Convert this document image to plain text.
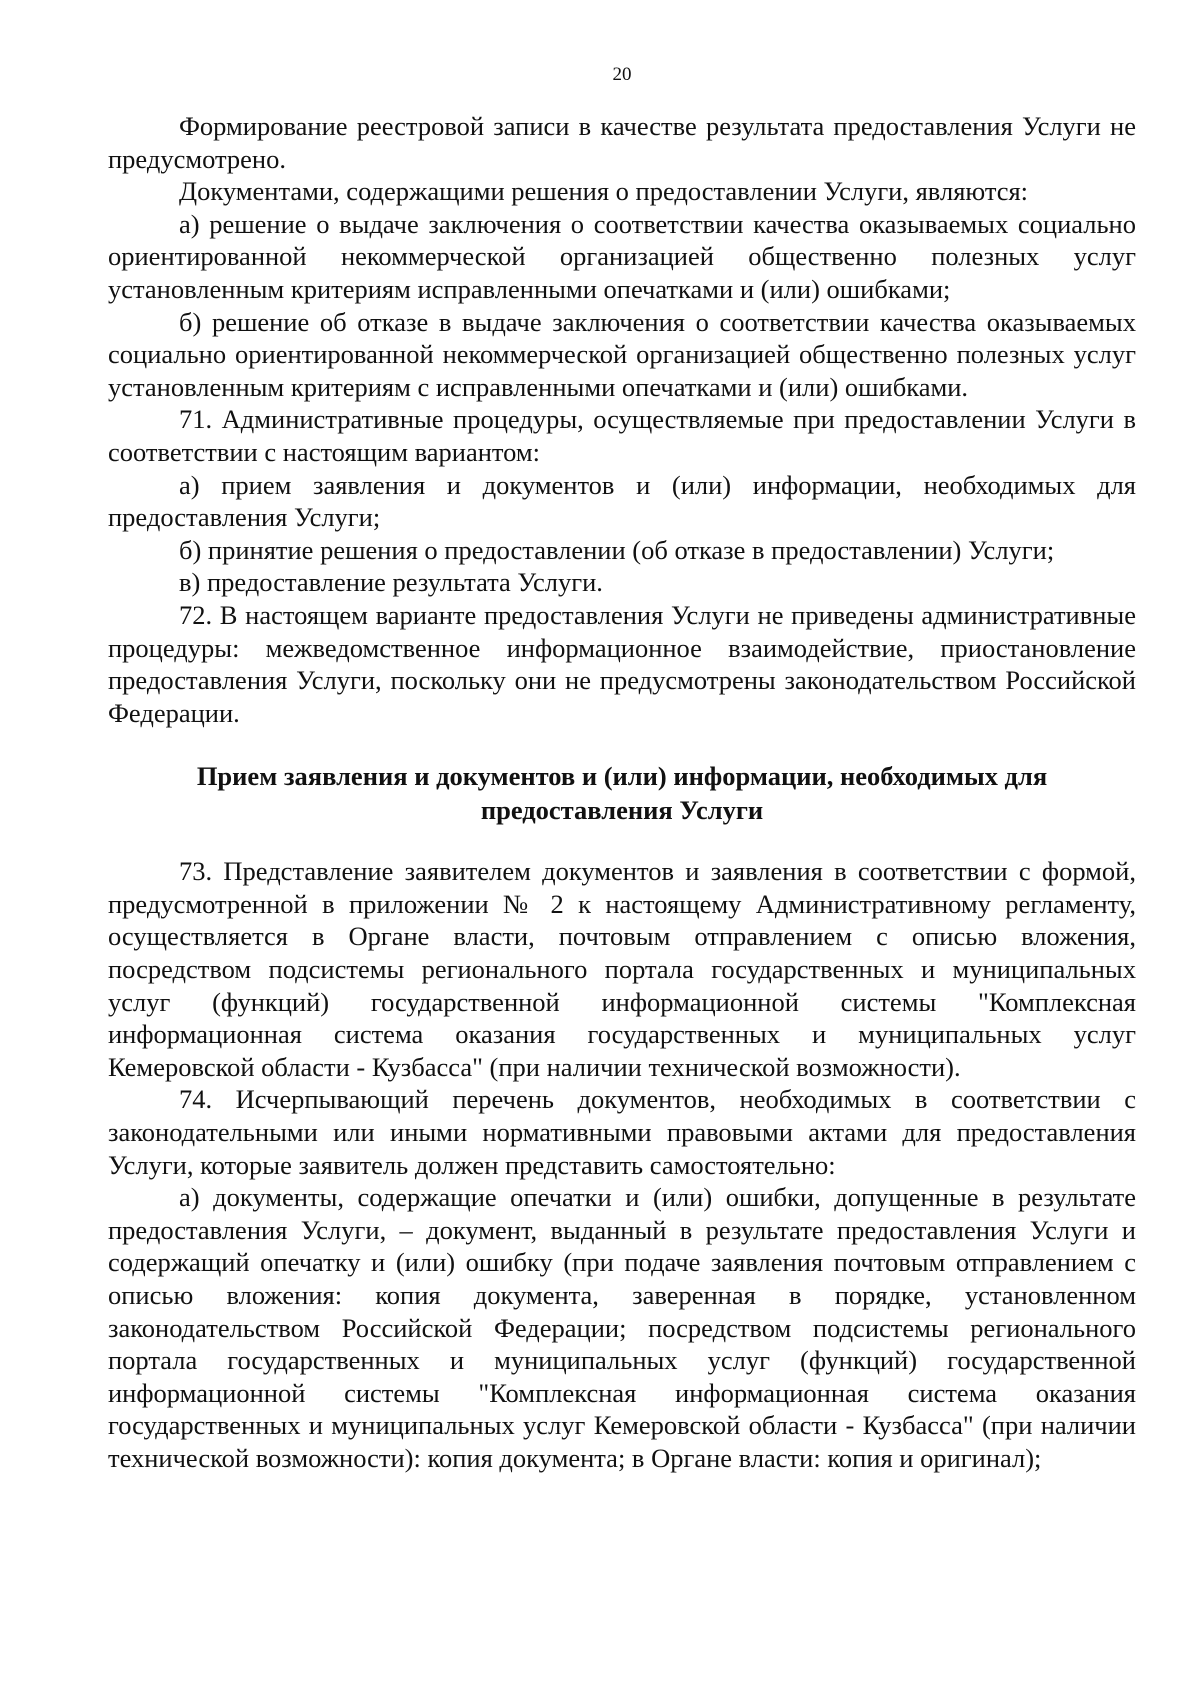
20

Формирование реестровой записи в качестве результата предоставления Услуги не предусмотрено.

Документами, содержащими решения о предоставлении Услуги, являются:

а) решение о выдаче заключения о соответствии качества оказываемых социально ориентированной некоммерческой организацией общественно полезных услуг установленным критериям исправленными опечатками и (или) ошибками;

б) решение об отказе в выдаче заключения о соответствии качества оказываемых социально ориентированной некоммерческой организацией общественно полезных услуг установленным критериям с исправленными опечатками и (или) ошибками.

71. Административные процедуры, осуществляемые при предоставлении Услуги в соответствии с настоящим вариантом:

а) прием заявления и документов и (или) информации, необходимых для предоставления Услуги;

б) принятие решения о предоставлении (об отказе в предоставлении) Услуги;

в) предоставление результата Услуги.

72. В настоящем варианте предоставления Услуги не приведены административные процедуры: межведомственное информационное взаимодействие, приостановление предоставления Услуги, поскольку они не предусмотрены законодательством Российской Федерации.

Прием заявления и документов и (или) информации, необходимых для предоставления Услуги

73. Представление заявителем документов и заявления в соответствии с формой, предусмотренной в приложении № 2 к настоящему Административному регламенту, осуществляется в Органе власти, почтовым отправлением с описью вложения, посредством подсистемы регионального портала государственных и муниципальных услуг (функций) государственной информационной системы "Комплексная информационная система оказания государственных и муниципальных услуг Кемеровской области - Кузбасса" (при наличии технической возможности).

74. Исчерпывающий перечень документов, необходимых в соответствии с законодательными или иными нормативными правовыми актами для предоставления Услуги, которые заявитель должен представить самостоятельно:

а) документы, содержащие опечатки и (или) ошибки, допущенные в результате предоставления Услуги, – документ, выданный в результате предоставления Услуги и содержащий опечатку и (или) ошибку (при подаче заявления почтовым отправлением с описью вложения: копия документа, заверенная в порядке, установленном законодательством Российской Федерации; посредством подсистемы регионального портала государственных и муниципальных услуг (функций) государственной информационной системы "Комплексная информационная система оказания государственных и муниципальных услуг Кемеровской области - Кузбасса" (при наличии технической возможности): копия документа; в Органе власти: копия и оригинал);
